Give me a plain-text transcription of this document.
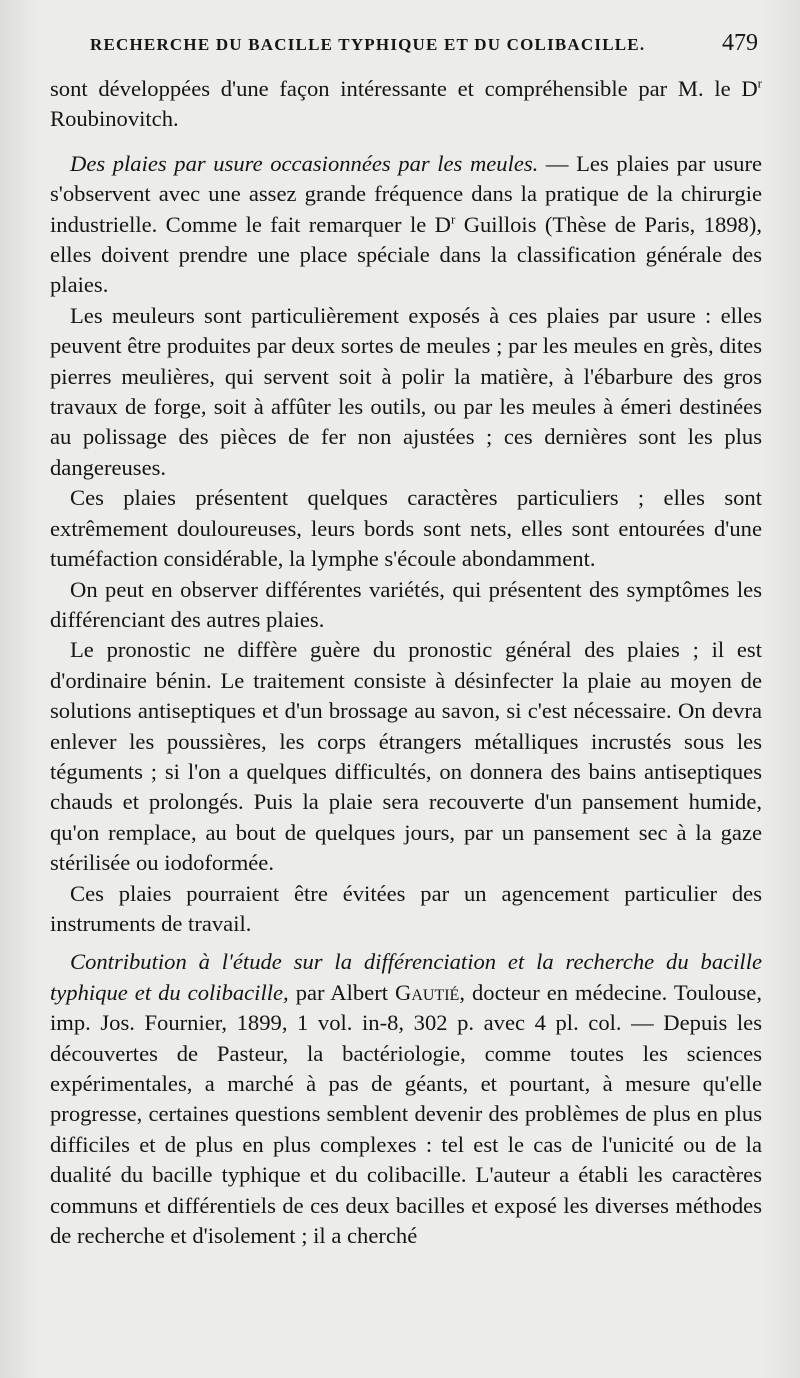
RECHERCHE DU BACILLE TYPHIQUE ET DU COLIBACILLE.	479

sont développées d'une façon intéressante et compréhensible par M. le $D^r$ Roubinovitch.

Des plaies par usure occasionnées par les meules. — Les plaies par usure s'observent avec une assez grande fréquence dans la pratique de la chirurgie industrielle. Comme le fait remarquer le $D^r$ Guillois (Thèse de Paris, 1898), elles doivent prendre une place spéciale dans la classification générale des plaies.

Les meuleurs sont particulièrement exposés à ces plaies par usure : elles peuvent être produites par deux sortes de meules ; par les meules en grès, dites pierres meulières, qui servent soit à polir la matière, à l'ébarbure des gros travaux de forge, soit à affûter les outils, ou par les meules à émeri destinées au polissage des pièces de fer non ajustées ; ces dernières sont les plus dangereuses.

Ces plaies présentent quelques caractères particuliers ; elles sont extrêmement douloureuses, leurs bords sont nets, elles sont entourées d'une tuméfaction considérable, la lymphe s'écoule abondamment.

On peut en observer différentes variétés, qui présentent des symptômes les différenciant des autres plaies.

Le pronostic ne diffère guère du pronostic général des plaies ; il est d'ordinaire bénin. Le traitement consiste à désinfecter la plaie au moyen de solutions antiseptiques et d'un brossage au savon, si c'est nécessaire. On devra enlever les poussières, les corps étrangers métalliques incrustés sous les téguments ; si l'on a quelques difficultés, on donnera des bains antiseptiques chauds et prolongés. Puis la plaie sera recouverte d'un pansement humide, qu'on remplace, au bout de quelques jours, par un pansement sec à la gaze stérilisée ou iodoformée.

Ces plaies pourraient être évitées par un agencement particulier des instruments de travail.

Contribution à l'étude sur la différenciation et la recherche du bacille typhique et du colibacille, par Albert Gautié, docteur en médecine. Toulouse, imp. Jos. Fournier, 1899, 1 vol. in-8, 302 p. avec 4 pl. col. — Depuis les découvertes de Pasteur, la bactériologie, comme toutes les sciences expérimentales, a marché à pas de géants, et pourtant, à mesure qu'elle progresse, certaines questions semblent devenir des problèmes de plus en plus difficiles et de plus en plus complexes : tel est le cas de l'unicité ou de la dualité du bacille typhique et du colibacille. L'auteur a établi les caractères communs et différentiels de ces deux bacilles et exposé les diverses méthodes de recherche et d'isolement ; il a cherché
